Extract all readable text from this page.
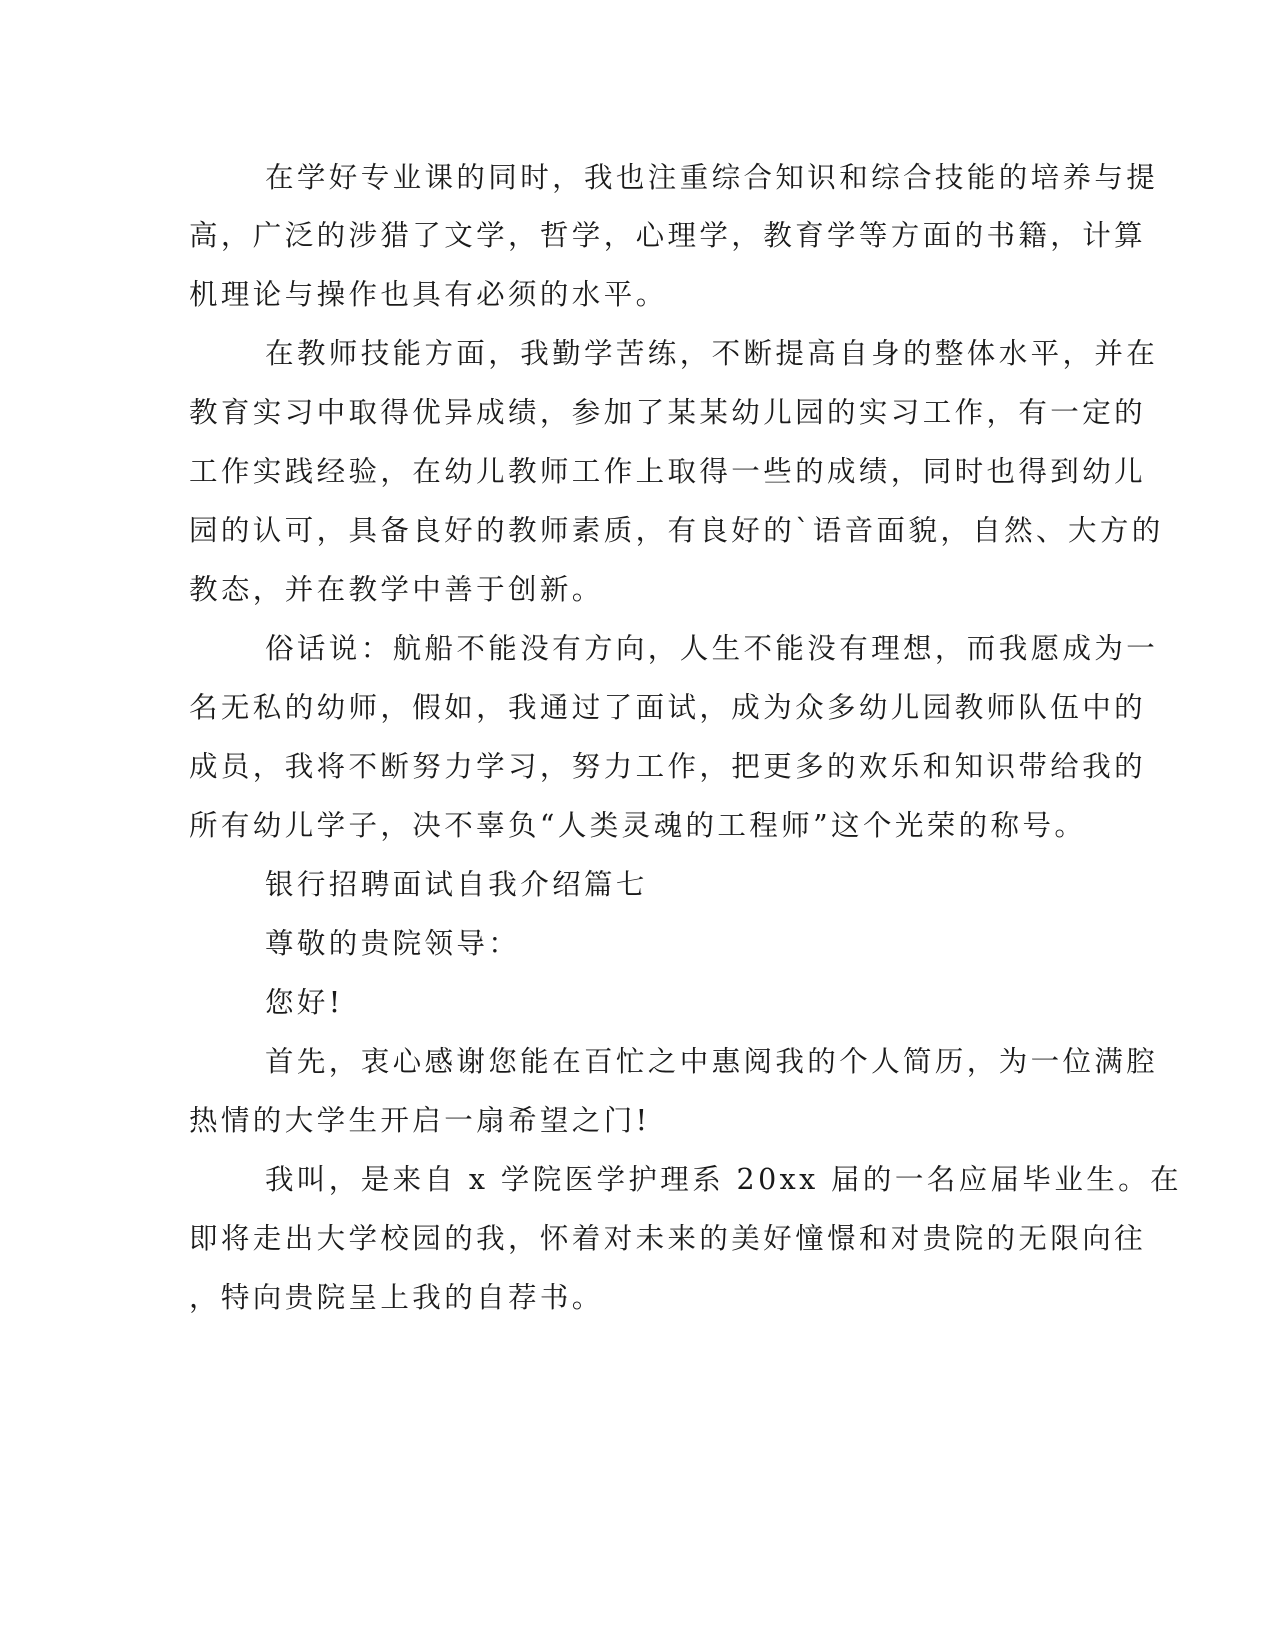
在学好专业课的同时，我也注重综合知识和综合技能的培养与提
高，广泛的涉猎了文学，哲学，心理学，教育学等方面的书籍，计算
机理论与操作也具有必须的水平。
在教师技能方面，我勤学苦练，不断提高自身的整体水平，并在
教育实习中取得优异成绩，参加了某某幼儿园的实习工作，有一定的
工作实践经验，在幼儿教师工作上取得一些的成绩，同时也得到幼儿
园的认可，具备良好的教师素质，有良好的`语音面貌，自然、大方的
教态，并在教学中善于创新。
俗话说：航船不能没有方向，人生不能没有理想，而我愿成为一
名无私的幼师，假如，我通过了面试，成为众多幼儿园教师队伍中的
成员，我将不断努力学习，努力工作，把更多的欢乐和知识带给我的
所有幼儿学子，决不辜负“人类灵魂的工程师”这个光荣的称号。
银行招聘面试自我介绍篇七
尊敬的贵院领导：
您好!
首先，衷心感谢您能在百忙之中惠阅我的个人简历，为一位满腔
热情的大学生开启一扇希望之门!
我叫，是来自 x 学院医学护理系 20xx 届的一名应届毕业生。在
即将走出大学校园的我，怀着对未来的美好憧憬和对贵院的无限向往
，特向贵院呈上我的自荐书。
